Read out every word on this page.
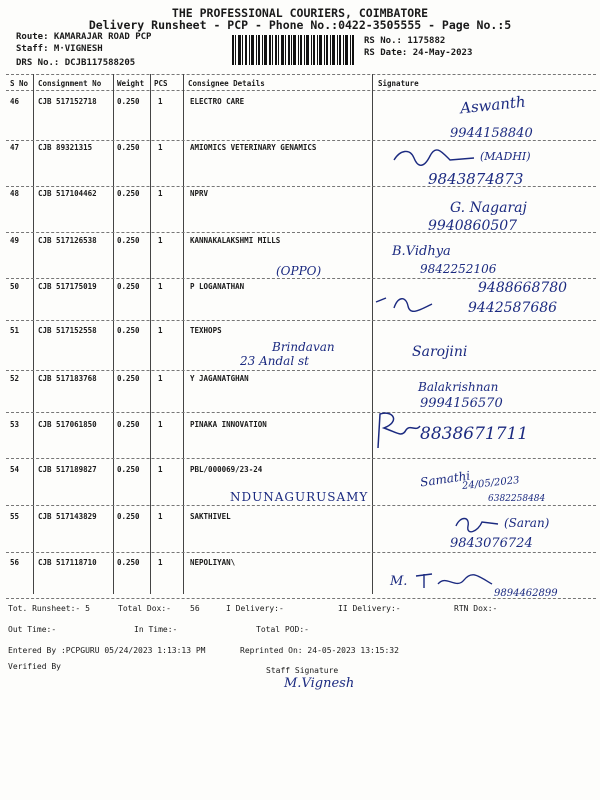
THE PROFESSIONAL COURIERS, COIMBATORE
Delivery Runsheet - PCP - Phone No.:0422-3505555 - Page No.:5
Route: KAMARAJAR ROAD PCP
Staff: M·VIGNESH
DRS No.: DCJB117588205
RS No.: 1175882
RS Date: 24-May-2023
S No Consignment No Weight PCS	Consignee Details	Signature
46	CJB 517152718	0.250 1	ELECTRO CARE	Aswanth
9944158840
47	CJB 89321315	0.250 1	AMIOMICS VETERINARY GENAMICS
(MADHI)
9843874873
48	CJB 517104462	0.250 1	NPRV
G. Nagaraj
9940860507
49	CJB 517126538	0.250 1	KANNAKALAKSHMI MILLS
(OPPO)
B.Vidhya
9842252106
50	CJB 517175019	0.250 1	P LOGANATHAN	9488668780
9442587686
51	CJB 517152558	0.250 1	TEXHOPS
Brindavan
23 Andal st
Sarojini
52	CJB 517183768	0.250 1	Y JAGANATGHAN
Balakrishnan
9994156570
53	CJB 517061850	0.250 1	PINAKA INNOVATION	8838671711
54	CJB 517189827	0.250 1	PBL/000069/23-24
NDUNAGURUSAMY
Samathi
24/05/2023
6382258484
55	CJB 517143829	0.250 1	SAKTHIVEL	(Saran)
9843076724
56	CJB 517118710	0.250 1	NEPOLIYAN\
M.
9894462899
Tot. Runsheet:- 5	Total Dox:- 56	I Delivery:-	II Delivery:-	RTN Dox:-
Out Time:-	In Time:-	Total POD:-
Entered By :PCPGURU 05/24/2023 1:13:13 PM	Reprinted On: 24-05-2023 13:15:32
Verified By	Staff Signature
M.Vignesh
